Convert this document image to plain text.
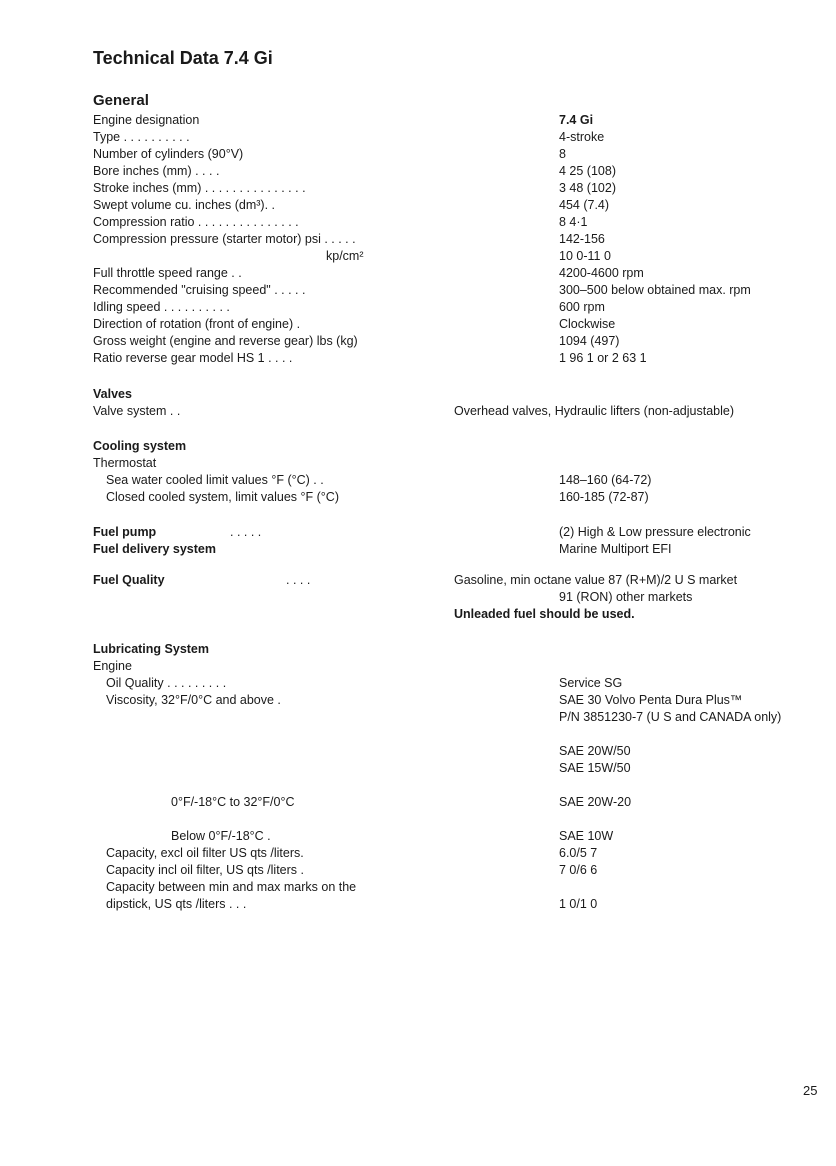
Technical Data 7.4 Gi
General
Engine designation	7.4 Gi
Type . . . . . . . . . .	4-stroke
Number of cylinders (90°V)	8
Bore inches (mm) . . . .	4 25 (108)
Stroke inches (mm) . . . . . . . . . . . . . . .	3 48 (102)
Swept volume cu. inches (dm³). .	454 (7.4)
Compression ratio . . . . . . . . . . . . . . .	8 4·1
Compression pressure (starter motor) psi . . . . .	142-156
kp/cm²	10 0-11 0
Full throttle speed range . .	4200-4600 rpm
Recommended "cruising speed" . . . . .	300–500 below obtained max. rpm
Idling speed . . . . . . . . . .	600 rpm
Direction of rotation (front of engine) .	Clockwise
Gross weight (engine and reverse gear) lbs (kg)	1094 (497)
Ratio reverse gear model HS 1 . . . .	1 96 1 or 2 63 1
Valves
Valve system . .	Overhead valves, Hydraulic lifters (non-adjustable)
Cooling system
Thermostat
Sea water cooled limit values °F (°C) . .	148–160 (64-72)
Closed cooled system, limit values °F (°C)	160-185 (72-87)
Fuel pump	. . . . .	(2) High & Low pressure electronic
Fuel delivery system	Marine Multiport EFI
Fuel Quality	. . . .	Gasoline, min octane value 87 (R+M)/2 U S market
91 (RON) other markets
Unleaded fuel should be used.
Lubricating System
Engine
Oil Quality . . . . . . . . .	Service SG
Viscosity, 32°F/0°C and above .	SAE 30 Volvo Penta Dura Plus™
P/N 3851230-7 (U S and CANADA only)
SAE 20W/50
SAE 15W/50
0°F/-18°C to 32°F/0°C	SAE 20W-20
Below 0°F/-18°C .	SAE 10W
Capacity, excl oil filter US qts /liters.	6.0/5 7
Capacity incl oil filter, US qts /liters .	7 0/6 6
Capacity between min and max marks on the
dipstick, US qts /liters . . .	1 0/1 0
25
